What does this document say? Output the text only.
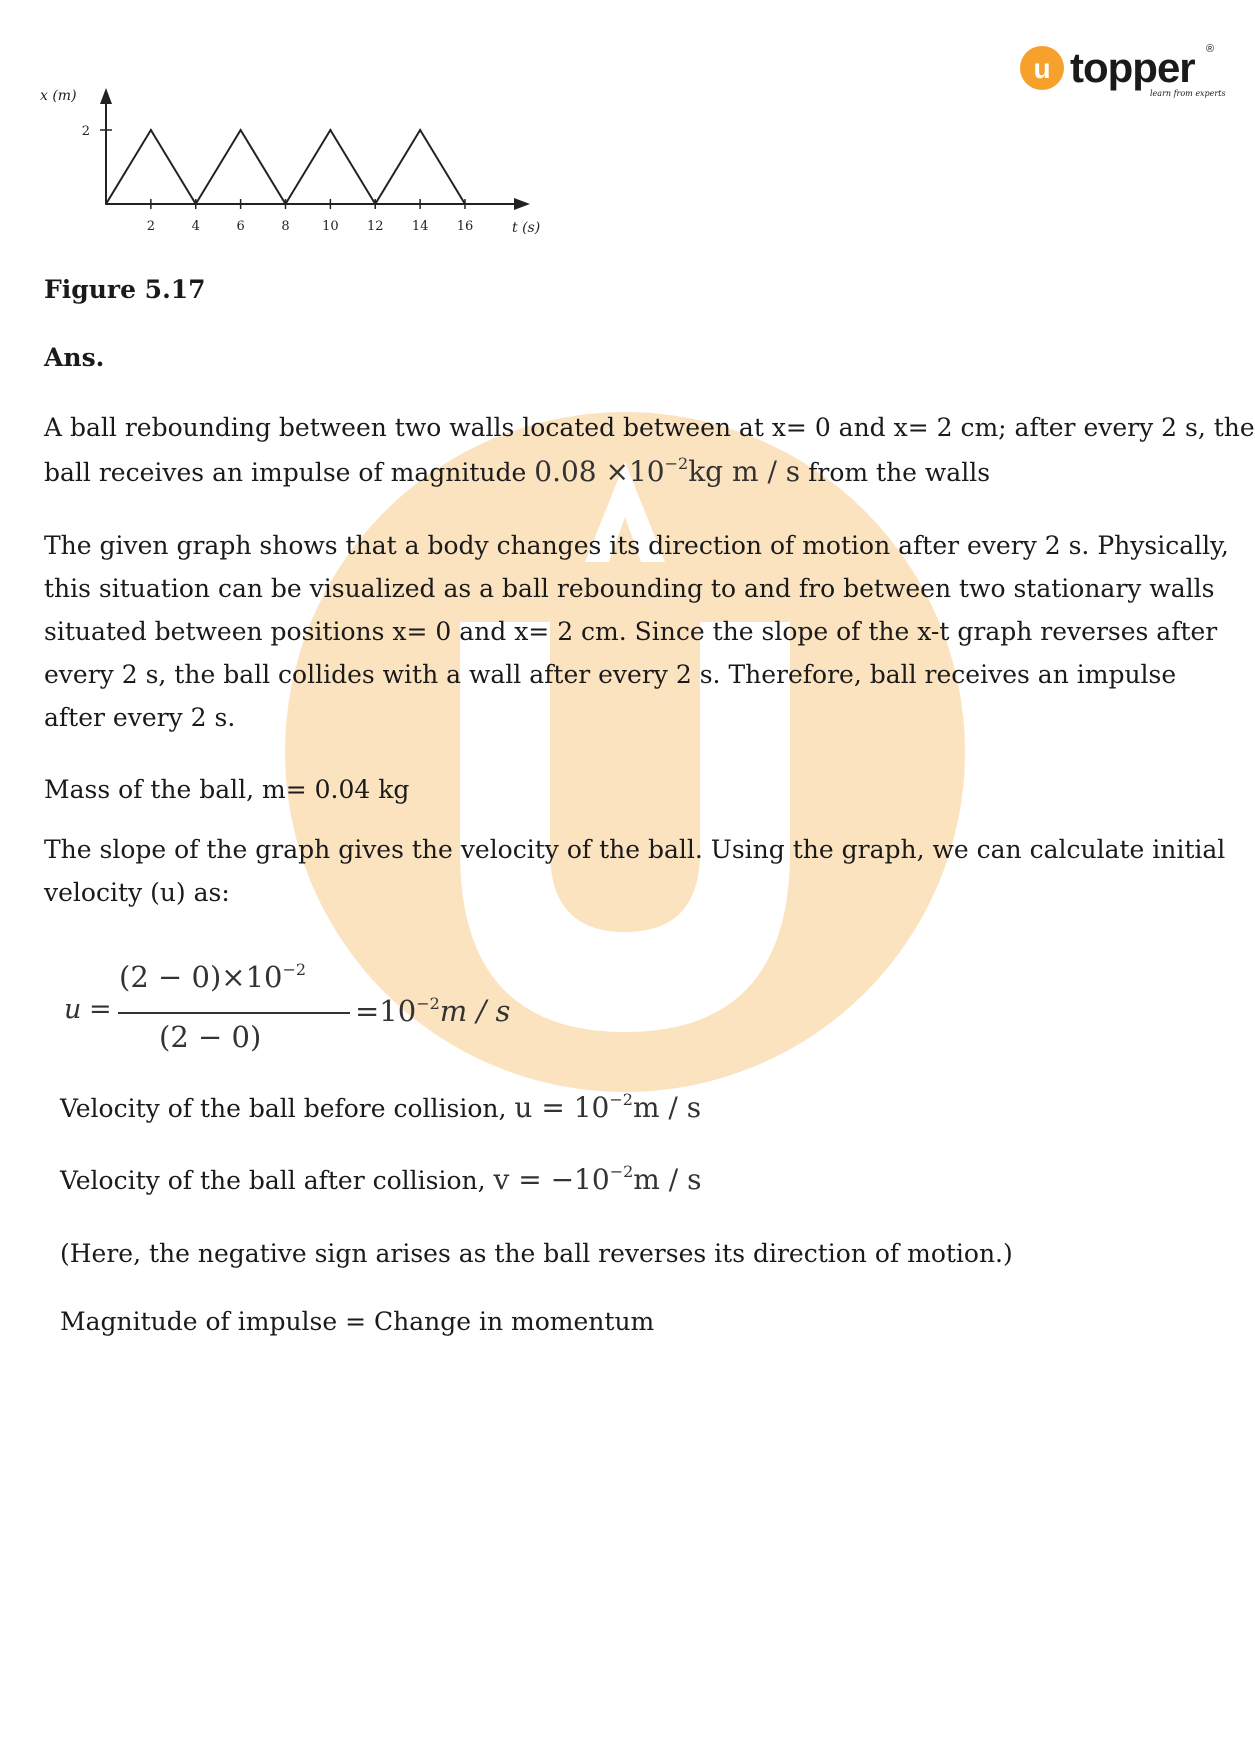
u topper ®
learn from experts
2
2	4	6	8 10 12 14 16
x (m)
t (s)

Figure 5.17

Ans.

A ball rebounding between two walls located between at x= 0 and x= 2 cm; after every 2 s, the

ball receives an impulse of magnitude $0.08 \times 10^{-2}kg$ m / s from the walls

The given graph shows that a body changes its direction of motion after every 2 s. Physically,

this situation can be visualized as a ball rebounding to and fro between two stationary walls

situated between positions x= 0 and x= 2 cm. Since the slope of the x-t graph reverses after

every 2 s, the ball collides with a wall after every 2 s. Therefore, ball receives an impulse

after every 2 s.

Mass of the ball, m= 0.04 kg

The slope of the graph gives the velocity of the ball. Using the graph, we can calculate initial

velocity (u) as:

u =
$(2 - 0)\times 10^{-2}$
(2 − 0)
$=10^{-2}m / s$
Velocity of the ball before collision, $u = 10^{-2}m / s$
Velocity of the ball after collision, $v = -10^{-2}m / s$

(Here, the negative sign arises as the ball reverses its direction of motion.)

Magnitude of impulse = Change in momentum
